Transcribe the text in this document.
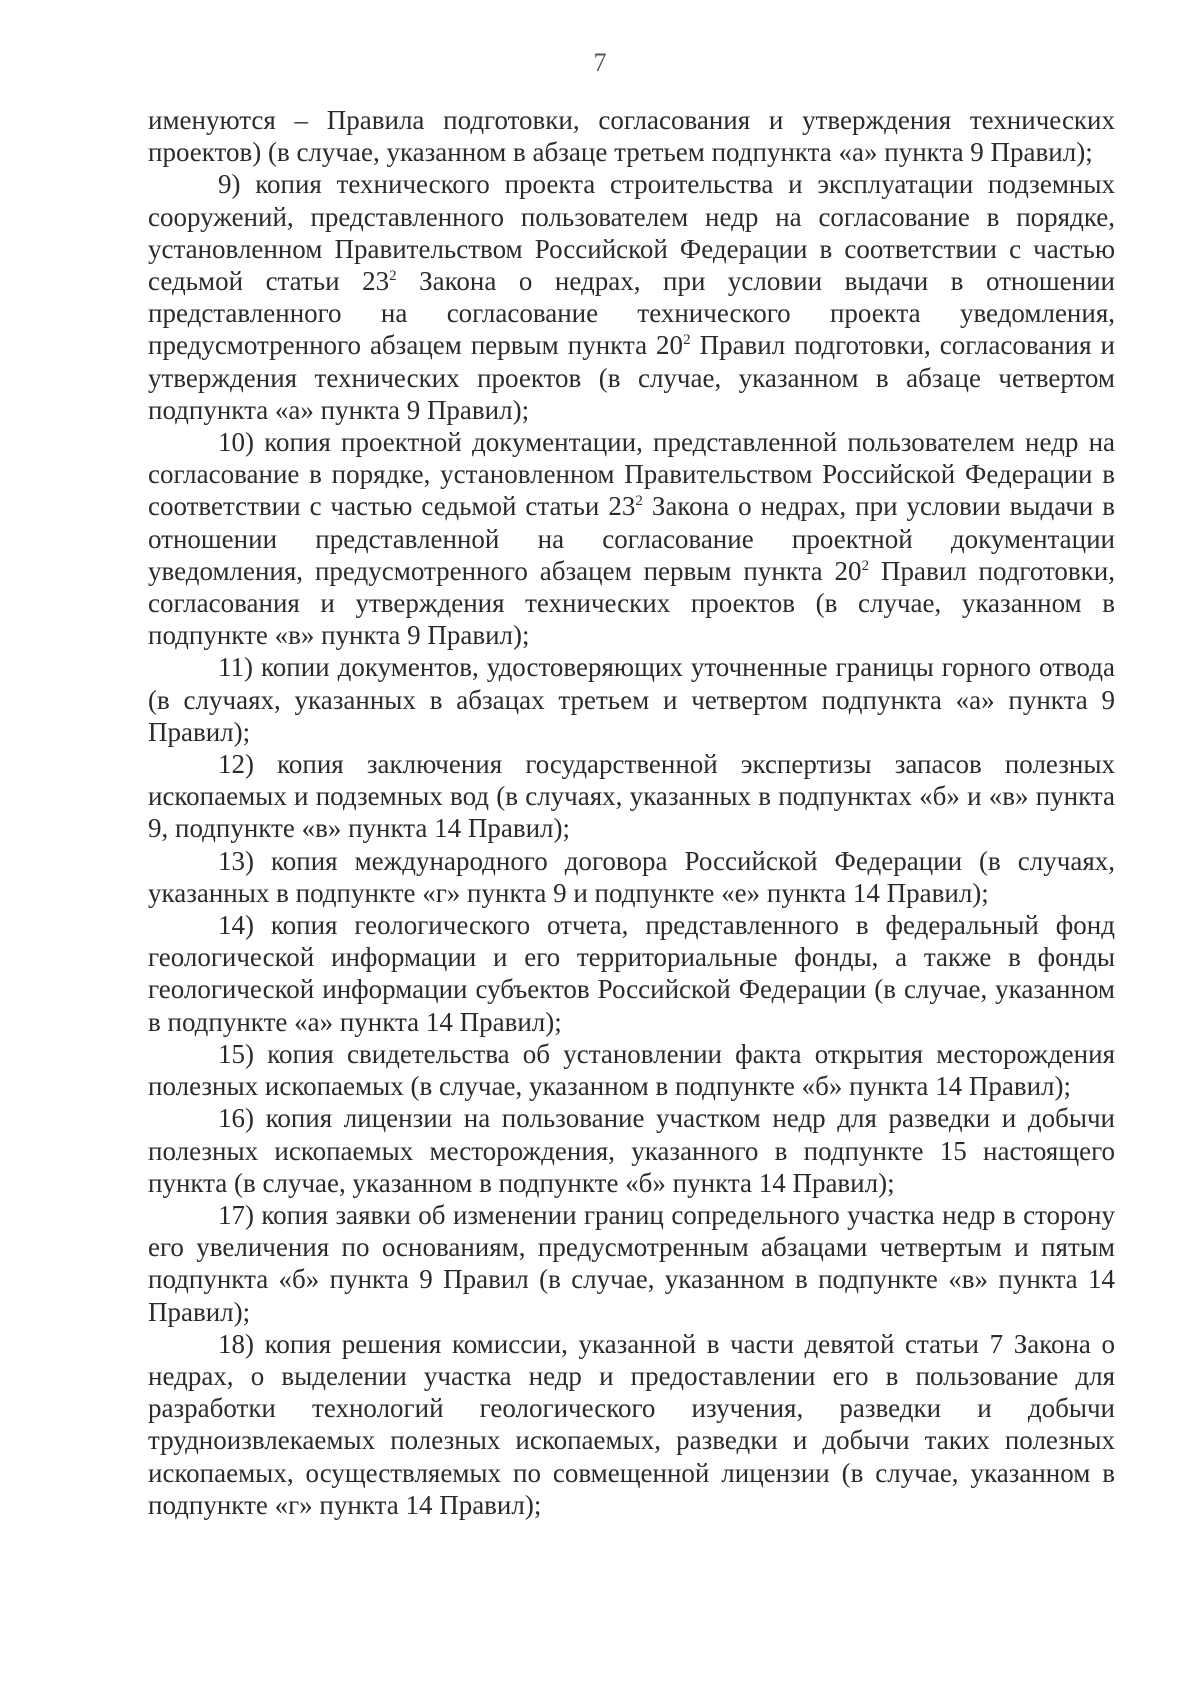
7

именуются – Правила подготовки, согласования и утверждения технических проектов) (в случае, указанном в абзаце третьем подпункта «а» пункта 9 Правил);

9) копия технического проекта строительства и эксплуатации подземных сооружений, представленного пользователем недр на согласование в порядке, установленном Правительством Российской Федерации в соответствии с частью седьмой статьи $23^2$ Закона о недрах, при условии выдачи в отношении представленного на согласование технического проекта уведомления, предусмотренного абзацем первым пункта $20^2$ Правил подготовки, согласования и утверждения технических проектов (в случае, указанном в абзаце четвертом подпункта «а» пункта 9 Правил);

10) копия проектной документации, представленной пользователем недр на согласование в порядке, установленном Правительством Российской Федерации в соответствии с частью седьмой статьи $23^2$ Закона о недрах, при условии выдачи в отношении представленной на согласование проектной документации уведомления, предусмотренного абзацем первым пункта $20^2$ Правил подготовки, согласования и утверждения технических проектов (в случае, указанном в подпункте «в» пункта 9 Правил);

11) копии документов, удостоверяющих уточненные границы горного отвода (в случаях, указанных в абзацах третьем и четвертом подпункта «а» пункта 9 Правил);

12) копия заключения государственной экспертизы запасов полезных ископаемых и подземных вод (в случаях, указанных в подпунктах «б» и «в» пункта 9, подпункте «в» пункта 14 Правил);

13) копия международного договора Российской Федерации (в случаях, указанных в подпункте «г» пункта 9 и подпункте «е» пункта 14 Правил);

14) копия геологического отчета, представленного в федеральный фонд геологической информации и его территориальные фонды, а также в фонды геологической информации субъектов Российской Федерации (в случае, указанном в подпункте «а» пункта 14 Правил);

15) копия свидетельства об установлении факта открытия месторождения полезных ископаемых (в случае, указанном в подпункте «б» пункта 14 Правил);

16) копия лицензии на пользование участком недр для разведки и добычи полезных ископаемых месторождения, указанного в подпункте 15 настоящего пункта (в случае, указанном в подпункте «б» пункта 14 Правил);

17) копия заявки об изменении границ сопредельного участка недр в сторону его увеличения по основаниям, предусмотренным абзацами четвертым и пятым подпункта «б» пункта 9 Правил (в случае, указанном в подпункте «в» пункта 14 Правил);

18) копия решения комиссии, указанной в части девятой статьи 7 Закона о недрах, о выделении участка недр и предоставлении его в пользование для разработки технологий геологического изучения, разведки и добычи трудноизвлекаемых полезных ископаемых, разведки и добычи таких полезных ископаемых, осуществляемых по совмещенной лицензии (в случае, указанном в подпункте «г» пункта 14 Правил);
